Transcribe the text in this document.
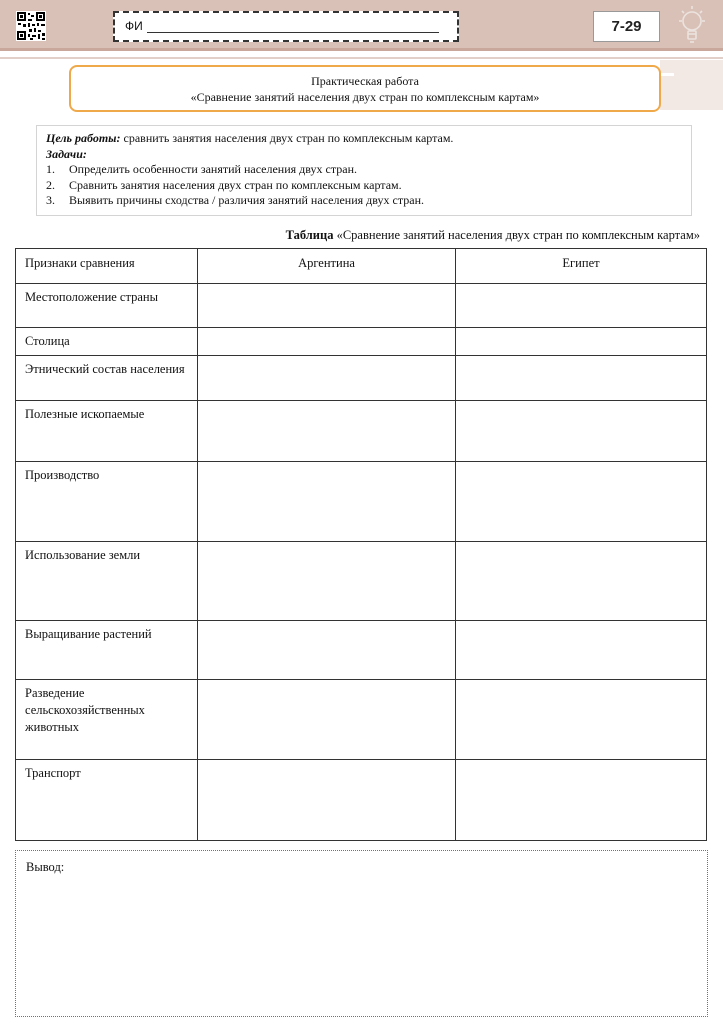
ФИ	7-29
Практическая работа
«Сравнение занятий населения двух стран по комплексным картам»
Цель работы: сравнить занятия населения двух стран по комплексным картам.
Задачи:
1.	Определить особенности занятий населения двух стран.
2.	Сравнить занятия населения двух стран по комплексным картам.
3.	Выявить причины сходства / различия занятий населения двух стран.
Таблица «Сравнение занятий населения двух стран по комплексным картам»
Признаки сравнения	Аргентина	Египет
Местоположение страны		
Столица		
Этнический состав населения		
Полезные ископаемые		
Производство		
Использование земли		
Выращивание растений		
Разведение сельскохозяйственных животных		
Транспорт		
Вывод:
